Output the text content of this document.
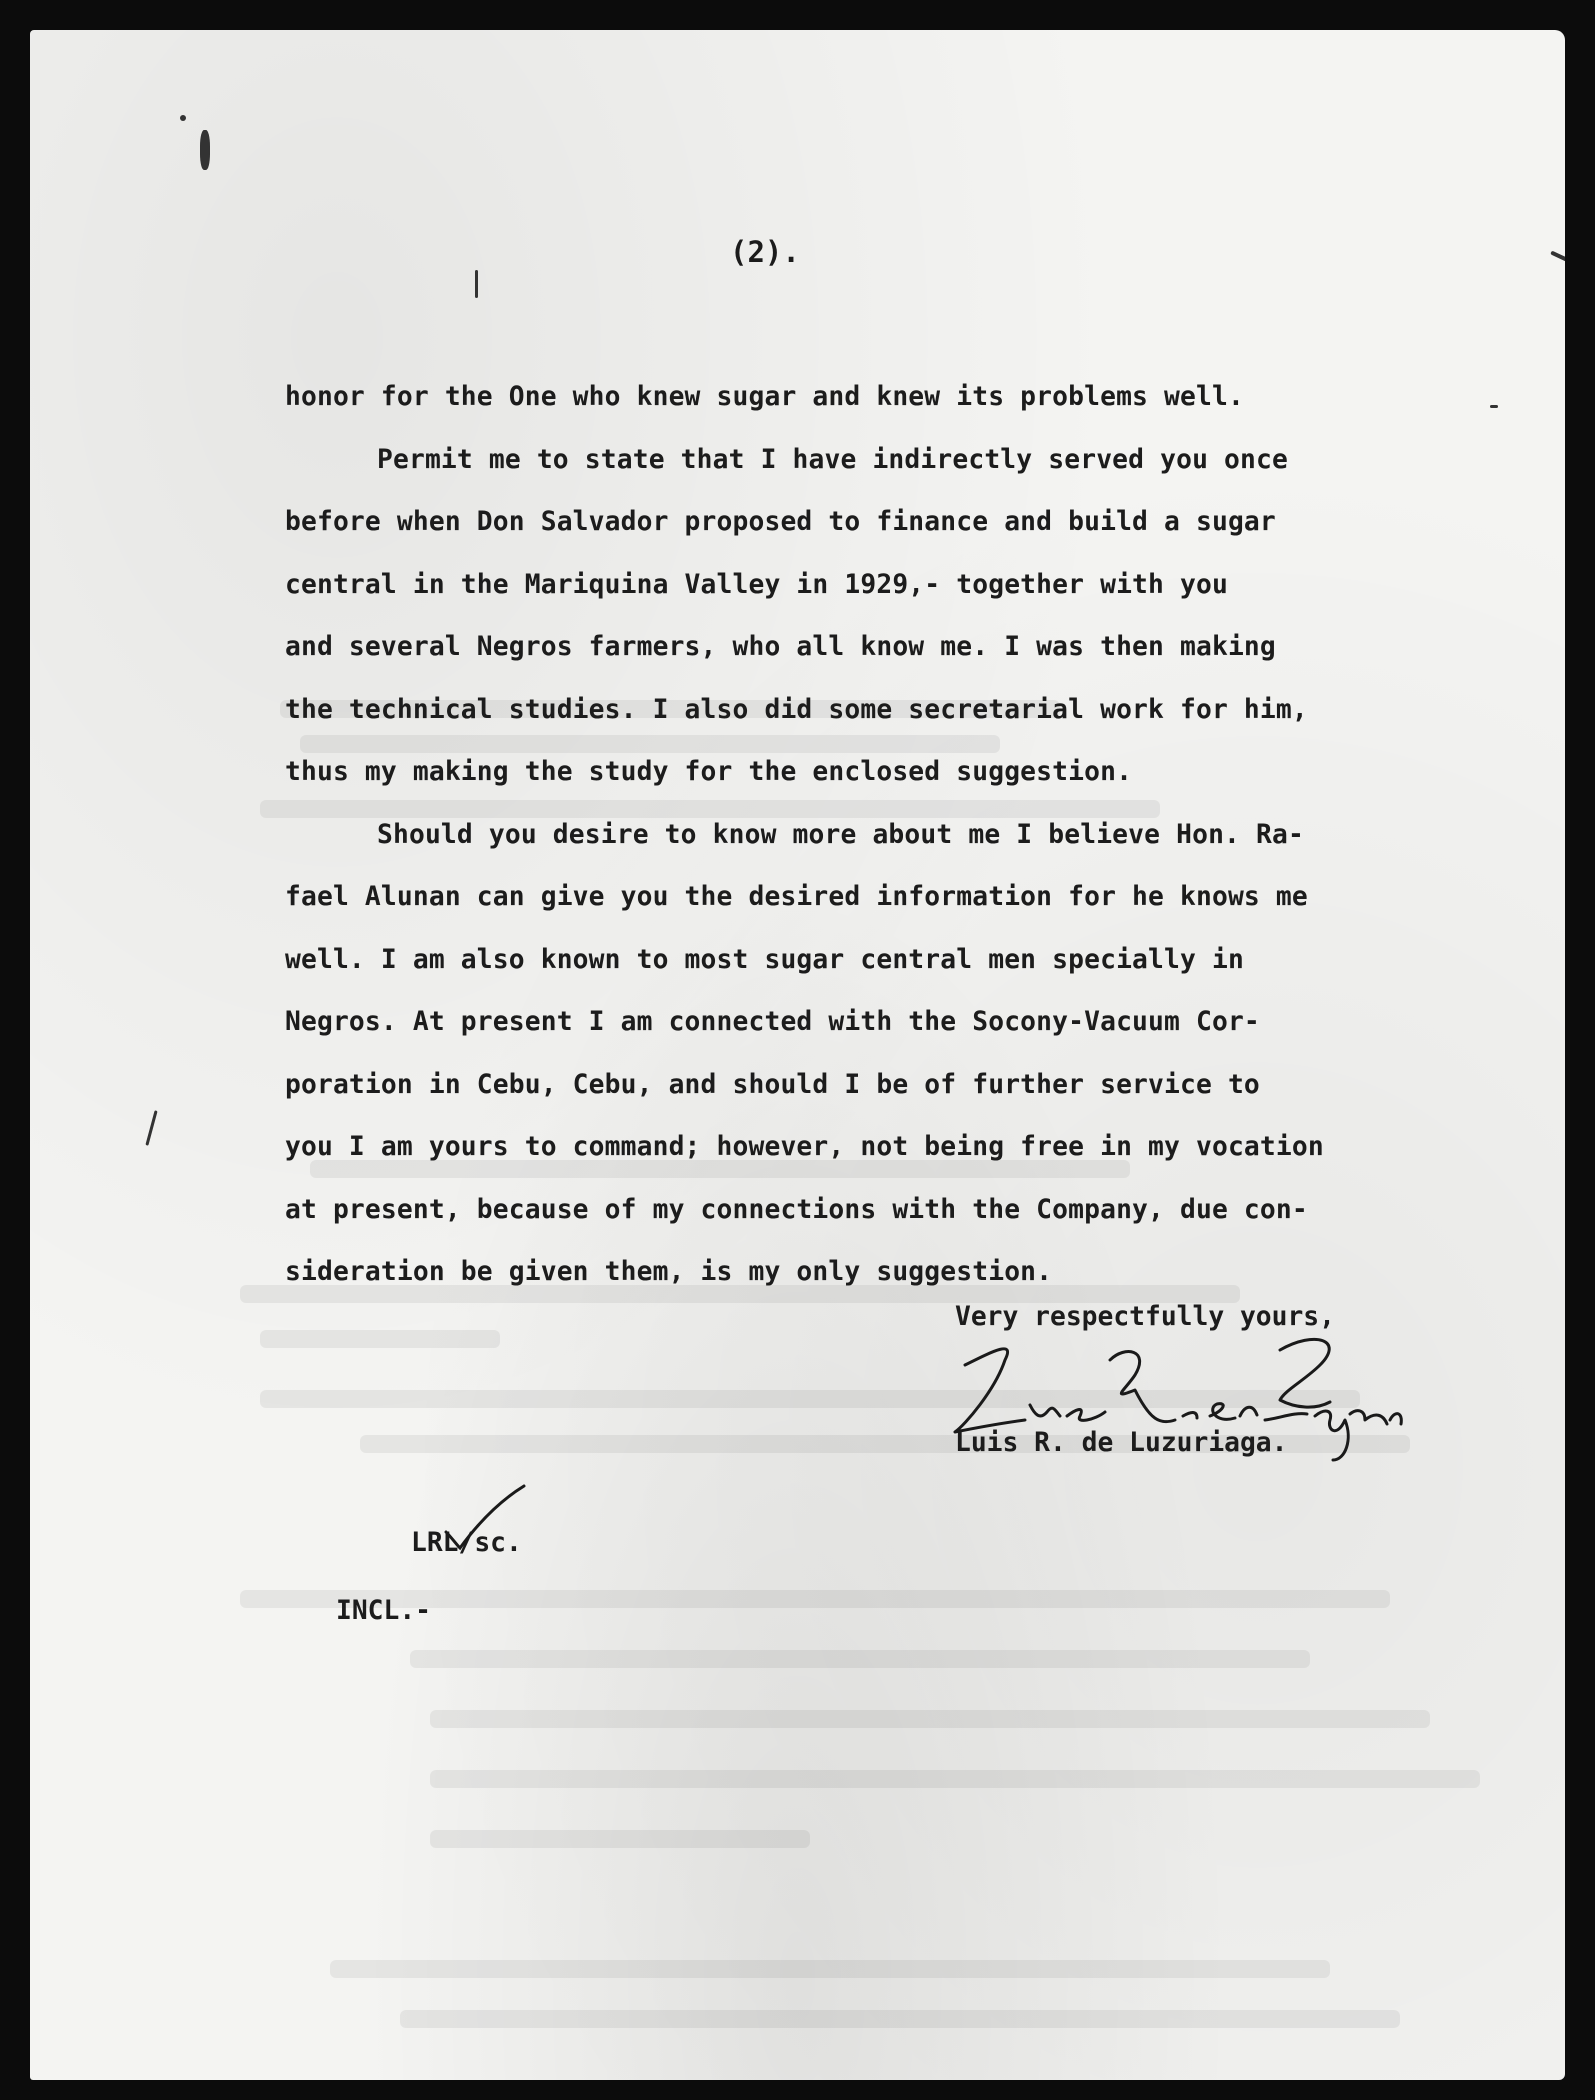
(2).
honor for the One who knew sugar and knew its problems well.
Permit me to state that I have indirectly served you once
before when Don Salvador proposed to finance and build a sugar
central in the Mariquina Valley in 1929,- together with you
and several Negros farmers, who all know me. I was then making
the technical studies. I also did some secretarial work for him,
thus my making the study for the enclosed suggestion.
Should you desire to know more about me I believe Hon. Ra-
fael Alunan can give you the desired information for he knows me
well. I am also known to most sugar central men specially in
Negros. At present I am connected with the Socony-Vacuum Cor-
poration in Cebu, Cebu, and should I be of further service to
you I am yours to command; however, not being free in my vocation
at present, because of my connections with the Company, due con-
sideration be given them, is my only suggestion.
Very respectfully yours,
Luis R. de Luzuriaga.

LRL/sc.

INCL.-
